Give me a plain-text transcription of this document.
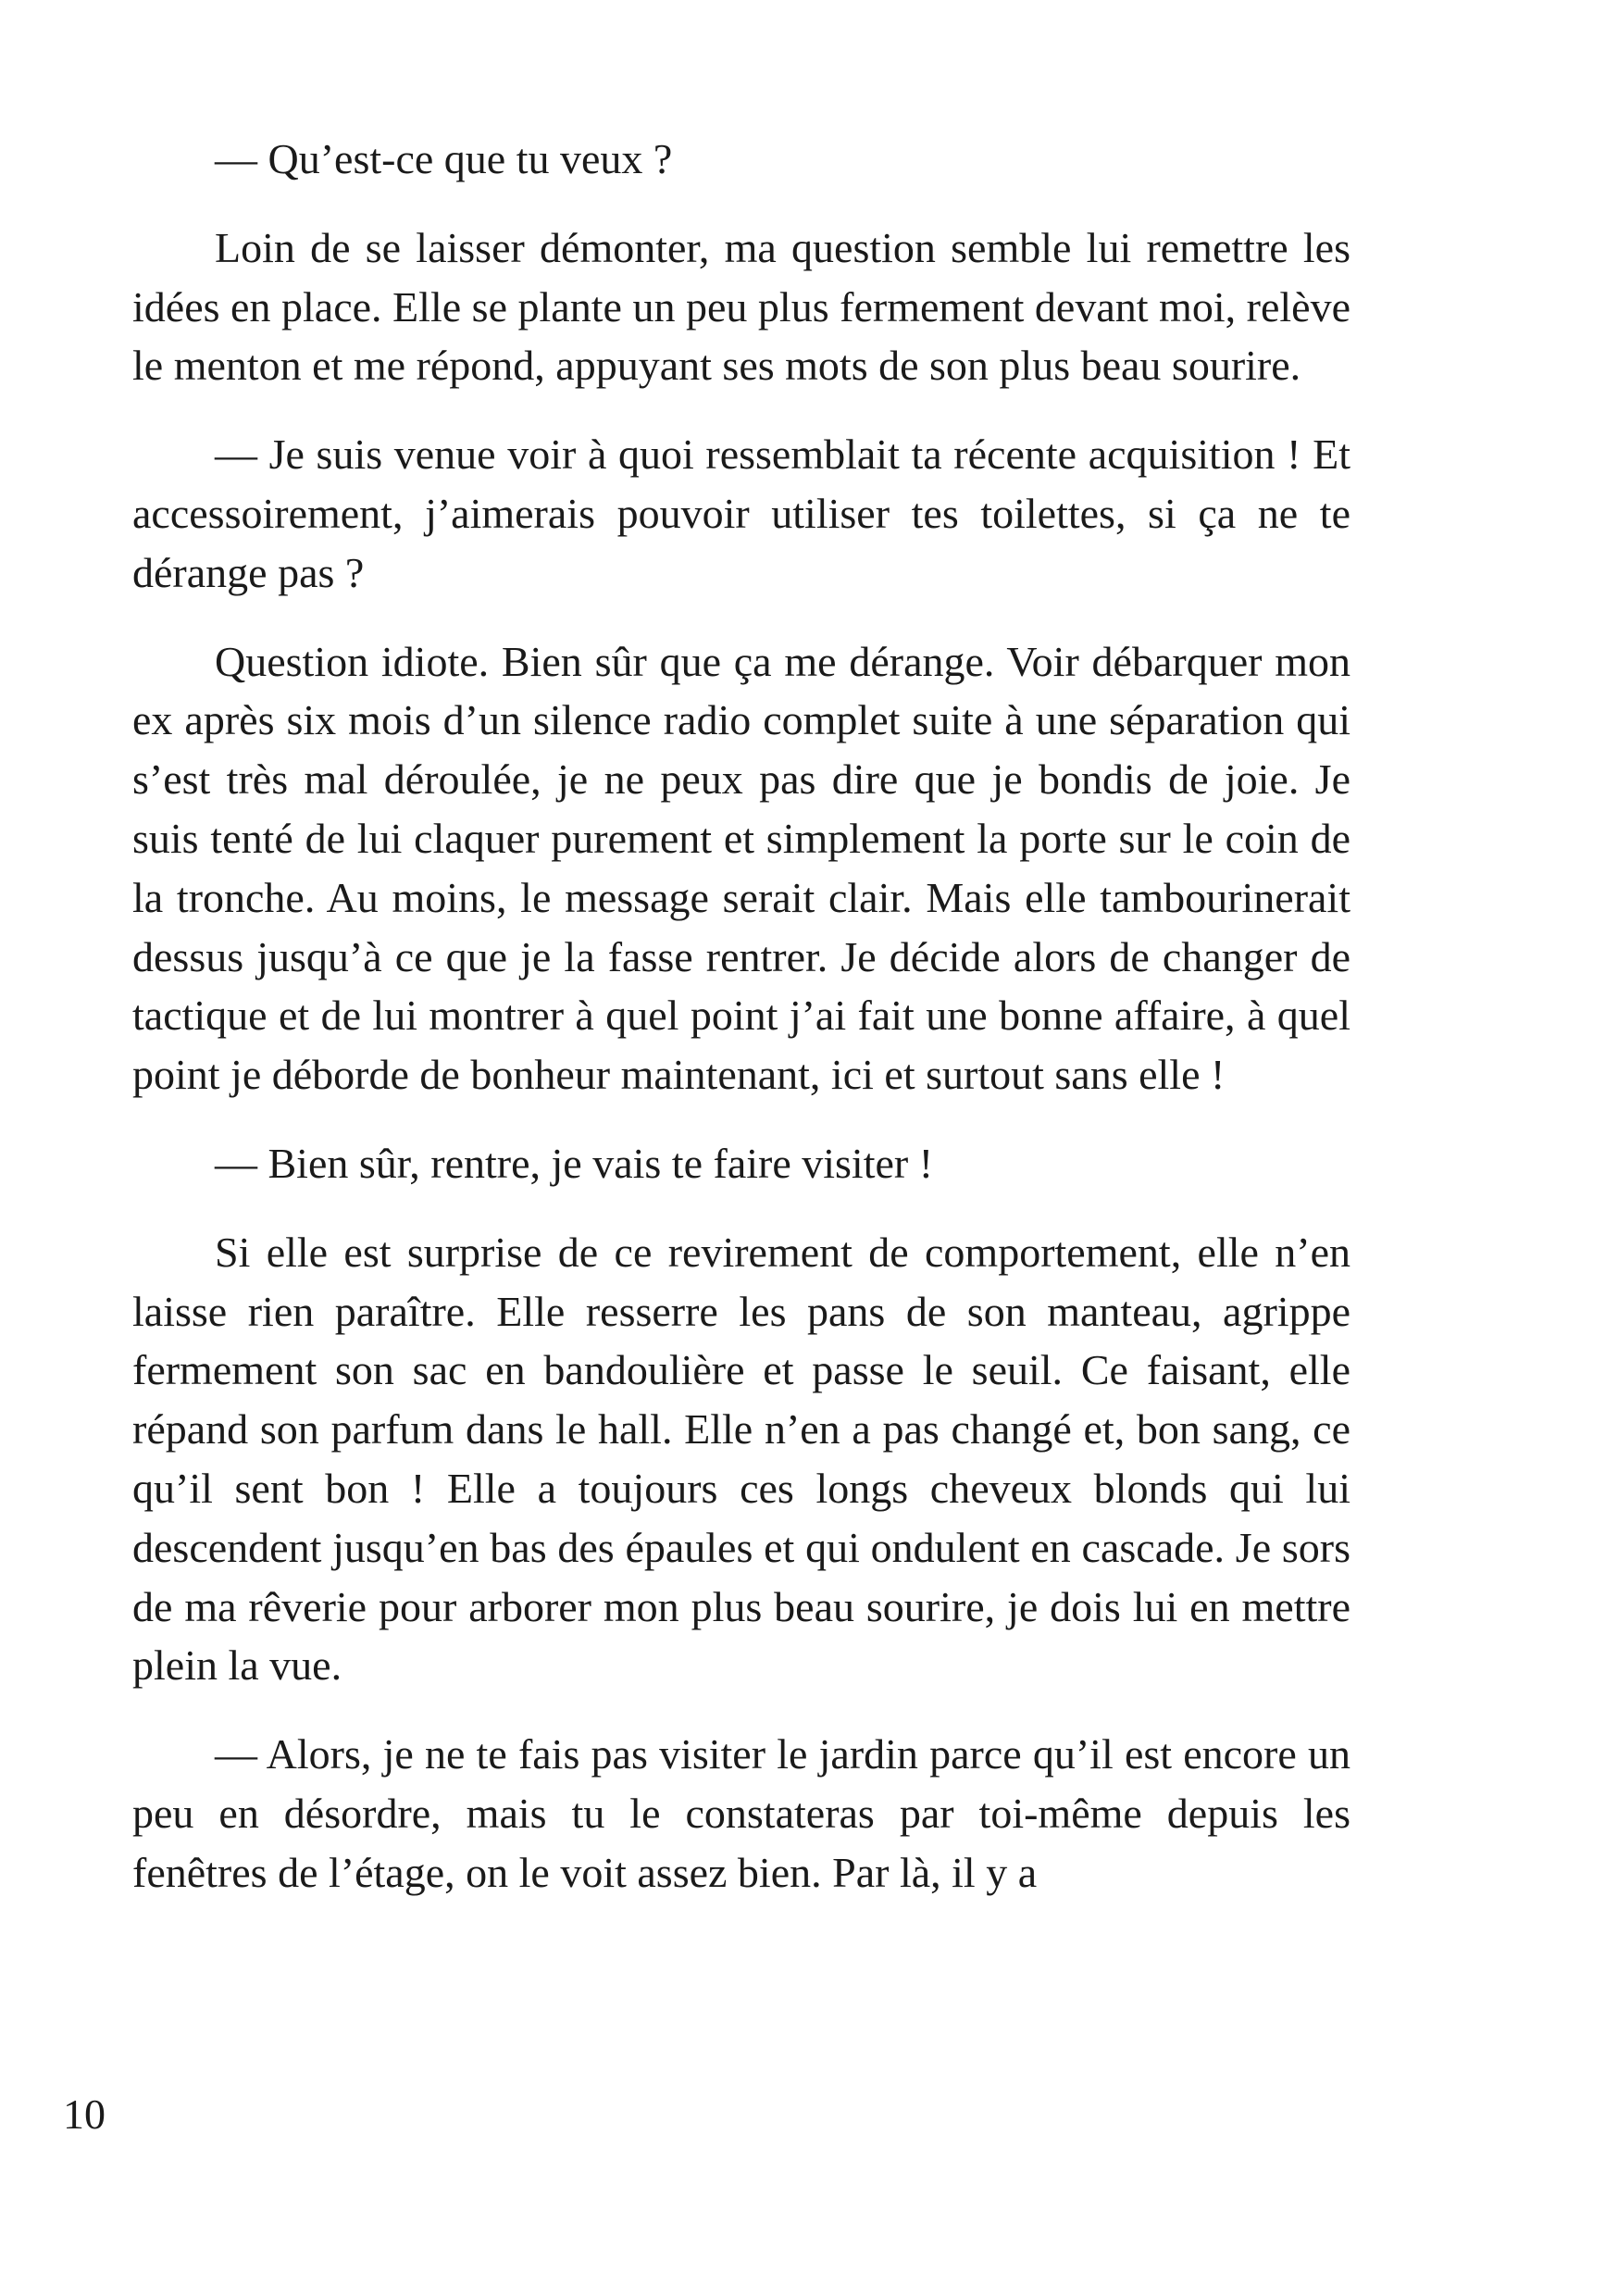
— Qu’est-ce que tu veux ?

Loin de se laisser démonter, ma question semble lui remettre les idées en place. Elle se plante un peu plus fermement devant moi, relève le menton et me répond, appuyant ses mots de son plus beau sourire.

— Je suis venue voir à quoi ressemblait ta récente acquisition ! Et accessoirement, j’aimerais pouvoir utiliser tes toilettes, si ça ne te dérange pas ?

Question idiote. Bien sûr que ça me dérange. Voir débarquer mon ex après six mois d’un silence radio complet suite à une séparation qui s’est très mal déroulée, je ne peux pas dire que je bondis de joie. Je suis tenté de lui claquer purement et simplement la porte sur le coin de la tronche. Au moins, le message serait clair. Mais elle tambourinerait dessus jusqu’à ce que je la fasse rentrer. Je décide alors de changer de tactique et de lui montrer à quel point j’ai fait une bonne affaire, à quel point je déborde de bonheur maintenant, ici et surtout sans elle !

— Bien sûr, rentre, je vais te faire visiter !

Si elle est surprise de ce revirement de comportement, elle n’en laisse rien paraître. Elle resserre les pans de son manteau, agrippe fermement son sac en bandoulière et passe le seuil. Ce faisant, elle répand son parfum dans le hall. Elle n’en a pas changé et, bon sang, ce qu’il sent bon ! Elle a toujours ces longs cheveux blonds qui lui descendent jusqu’en bas des épaules et qui ondulent en cascade. Je sors de ma rêverie pour arborer mon plus beau sourire, je dois lui en mettre plein la vue.

— Alors, je ne te fais pas visiter le jardin parce qu’il est encore un peu en désordre, mais tu le constateras par toi-même depuis les fenêtres de l’étage, on le voit assez bien. Par là, il y a

10
